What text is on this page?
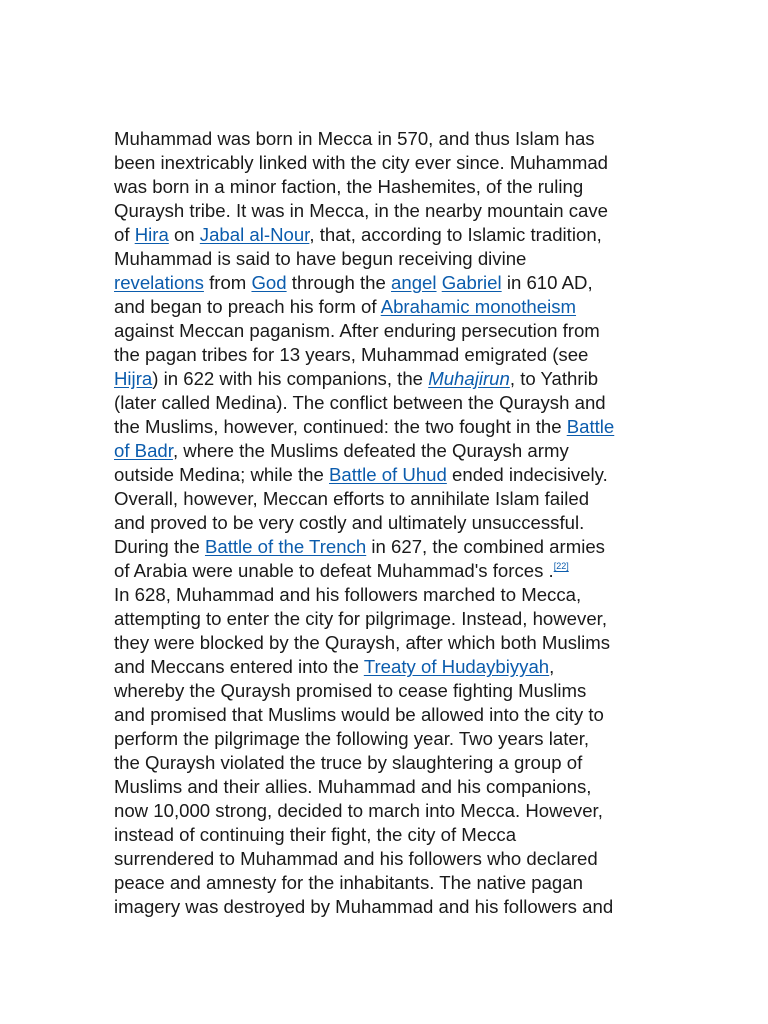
Muhammad was born in Mecca in 570, and thus Islam has
been inextricably linked with the city ever since. Muhammad
was born in a minor faction, the Hashemites, of the ruling
Quraysh tribe. It was in Mecca, in the nearby mountain cave
of Hira on Jabal al-Nour, that, according to Islamic tradition,
Muhammad is said to have begun receiving divine
revelations from God through the angel Gabriel in 610 AD,
and began to preach his form of Abrahamic monotheism
against Meccan paganism. After enduring persecution from
the pagan tribes for 13 years, Muhammad emigrated (see
Hijra) in 622 with his companions, the Muhajirun, to Yathrib
(later called Medina). The conflict between the Quraysh and
the Muslims, however, continued: the two fought in the Battle
of Badr, where the Muslims defeated the Quraysh army
outside Medina; while the Battle of Uhud ended indecisively.
Overall, however, Meccan efforts to annihilate Islam failed
and proved to be very costly and ultimately unsuccessful.
During the Battle of the Trench in 627, the combined armies
of Arabia were unable to defeat Muhammad's forces .[22]
In 628, Muhammad and his followers marched to Mecca,
attempting to enter the city for pilgrimage. Instead, however,
they were blocked by the Quraysh, after which both Muslims
and Meccans entered into the Treaty of Hudaybiyyah,
whereby the Quraysh promised to cease fighting Muslims
and promised that Muslims would be allowed into the city to
perform the pilgrimage the following year. Two years later,
the Quraysh violated the truce by slaughtering a group of
Muslims and their allies. Muhammad and his companions,
now 10,000 strong, decided to march into Mecca. However,
instead of continuing their fight, the city of Mecca
surrendered to Muhammad and his followers who declared
peace and amnesty for the inhabitants. The native pagan
imagery was destroyed by Muhammad and his followers and
